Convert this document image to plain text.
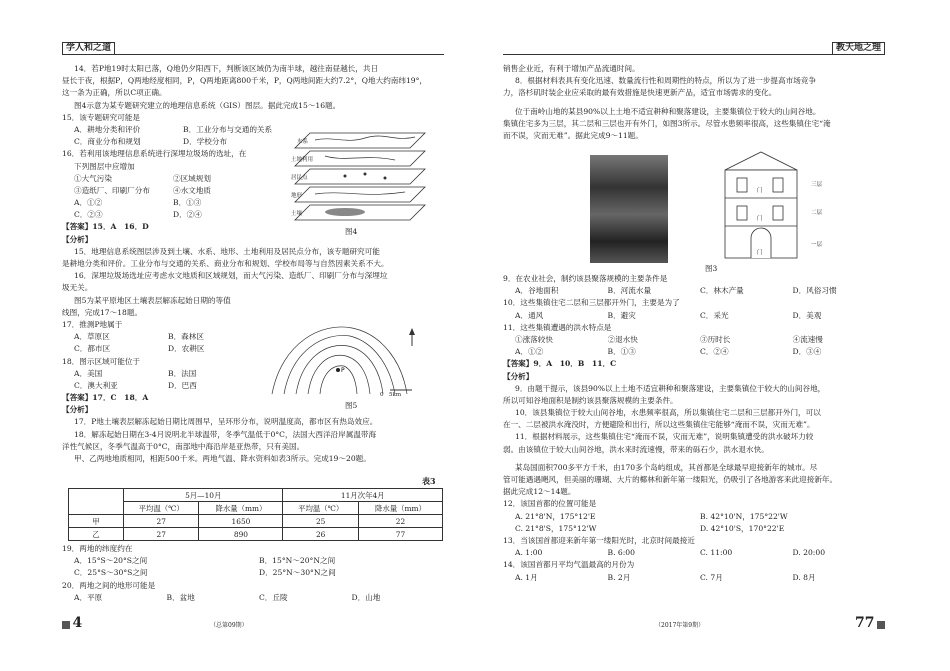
学人和之道
14．若P地19时太阳已落，Q地仍夕阳西下，判断该区域仍为南半球，越往南昼越长，共日
昼长于夜，根据P，Q两地经度相同，P，Q两地距离800千米，P，Q两地间距大约7.2°，Q地大约南纬19°，
这一条为正确，所以C项正确。
图4示意为某专题研究建立的地理信息系统（GIS）图层。据此完成15～16题。
15．该专题研究可能是
A．耕地分类和评价	B．工业分布与交通的关系
C．商业分布和规划	D．学校分布
16．若利用该地理信息系统进行深埋垃圾场的选址，在
下列图层中应增加
①大气污染	②区域规划
③造纸厂、印刷厂分布	④水文地质
A．①②	B．①③
C．②③	D．②④
【答案】15．A　16．D
【分析】
15．地理信息系统图层涉及到土壤、水系、地形、土地利用及居民点分布，该专题研究可能
是耕地分类和评价。工业分布与交通的关系、商业分布和规划、学校布局等与自然因素关系不大。
16．深埋垃圾场选址应考虑水文地质和区域规划，而大气污染、造纸厂、印刷厂分布与深埋垃
圾无关。
图5为某平原地区土壤表层解冻起始日期的等值
线图，完成17～18题。
17．推测P地属于
A．草原区	B．森林区
C．都市区	D．农耕区
18．图示区域可能位于
A．美国	B．法国
C．澳大利亚	D．巴西
【答案】17．C　18．A
【分析】
17．P地土壤表层解冻起始日期比周围早，呈环形分布，说明温度高，都市区有热岛效应。
18．解冻起始日期在3-4月说明北半球温带，冬季气温低于0°C，法国大西洋沿岸属温带海
洋性气候区，冬季气温高于0°C，南部地中海沿岸是亚热带，只有美国。
甲、乙两地地质相同，相距500千米。两地气温、降水资料如表3所示。完成19～20题。
水系
土地利用
居民点
地形
土壤
图4
P
0　5km
图5
表3
	5月—10月		11月次年4月	
	平均温（℃）	降水量（mm）	平均温（℃）	降水量（mm）
甲	27	1650	25	22
乙	27	890	26	77
19．两地的纬度约在
A．15°S～20°S之间	B．15°N～20°N之间
C．25°S～30°S之间	D．25°N～30°N之间
20．两地之间的地形可能是
A．平原	B．盆地	C．丘陵	D．山地
4	（总第09期）
教天地之理
销售企业近，有利于增加产品流通时间。
8．根据材料表具有变化迅速、数量流行性和周期性的特点，所以为了进一步提高市场竞争
力，洛杉矶时装企业应采取的最有效措施是快速更新产品，适宜市场需求的变化。
位于南岭山地的某县90%以上土地不适宜耕种和聚落建设，主要集镇位于较大的山间谷地。
集镇住宅多为三层，其二层和三层也开有外门，如图3所示。尽管水患频率很高，这些集镇住宅“淹
而不误，灾而无难”。据此完成9～11题。
门
门
门
三层
二层
一层
图3
9．在农业社会，制约该县聚落规模的主要条件是
A．谷地面积	B．河流水量	C．林木产量	D．风俗习惯
10．这些集镇住宅二层和三层都开外门，主要是为了
A．通风	B．避灾	C．采光	D．美观
11．这些集镇遭遇的洪水特点是
①涨落较快	②退水快	③历时长	④流速慢
A．①②	B．①③	C．②④	D．③④
【答案】9．A　10．B　11．C
【分析】
9．由题干提示，该县90%以上土地不适宜耕种和聚落建设，主要集镇位于较大的山间谷地，
所以可知谷地面积是制约该县聚落规模的主要条件。
10．该县集镇位于较大山间谷地，水患频率很高，所以集镇住宅二层和三层都开外门，可以
在一、二层被洪水淹没时，方便避险和出行，所以这些集镇住宅能够“淹而不误，灾而无难”。
11．根据材料展示，这些集镇住宅“淹而不误，灾而无难”，说明集镇遭受的洪水破坏力较
弱。由该镇位于较大山间谷地，洪水来时流速慢，带来的砾石少，洪水退水快。
某岛国面积700多平方千米，由170多个岛屿组成，其首都是全球最早迎接新年的城市。尽
管可能遇遇飓风，但美丽的珊瑚、大片的椰林和新年第一缕阳光，仍吸引了各地游客来此迎接新年。
据此完成12～14题。
12．该国首都的位置可能是
A. 21°8'N，175°12'E	B. 42°10'N，175°22'W
C. 21°8'S，175°12'W	D. 42°10'S，170°22'E
13．当该国首都迎来新年第一缕阳光时，北京时间最接近
A. 1:00	B. 6:00	C. 11:00	D. 20:00
14．该国首都月平均气温最高的月份为
A. 1月	B. 2月	C. 7月	D. 8月
77
（2017年第9期）
